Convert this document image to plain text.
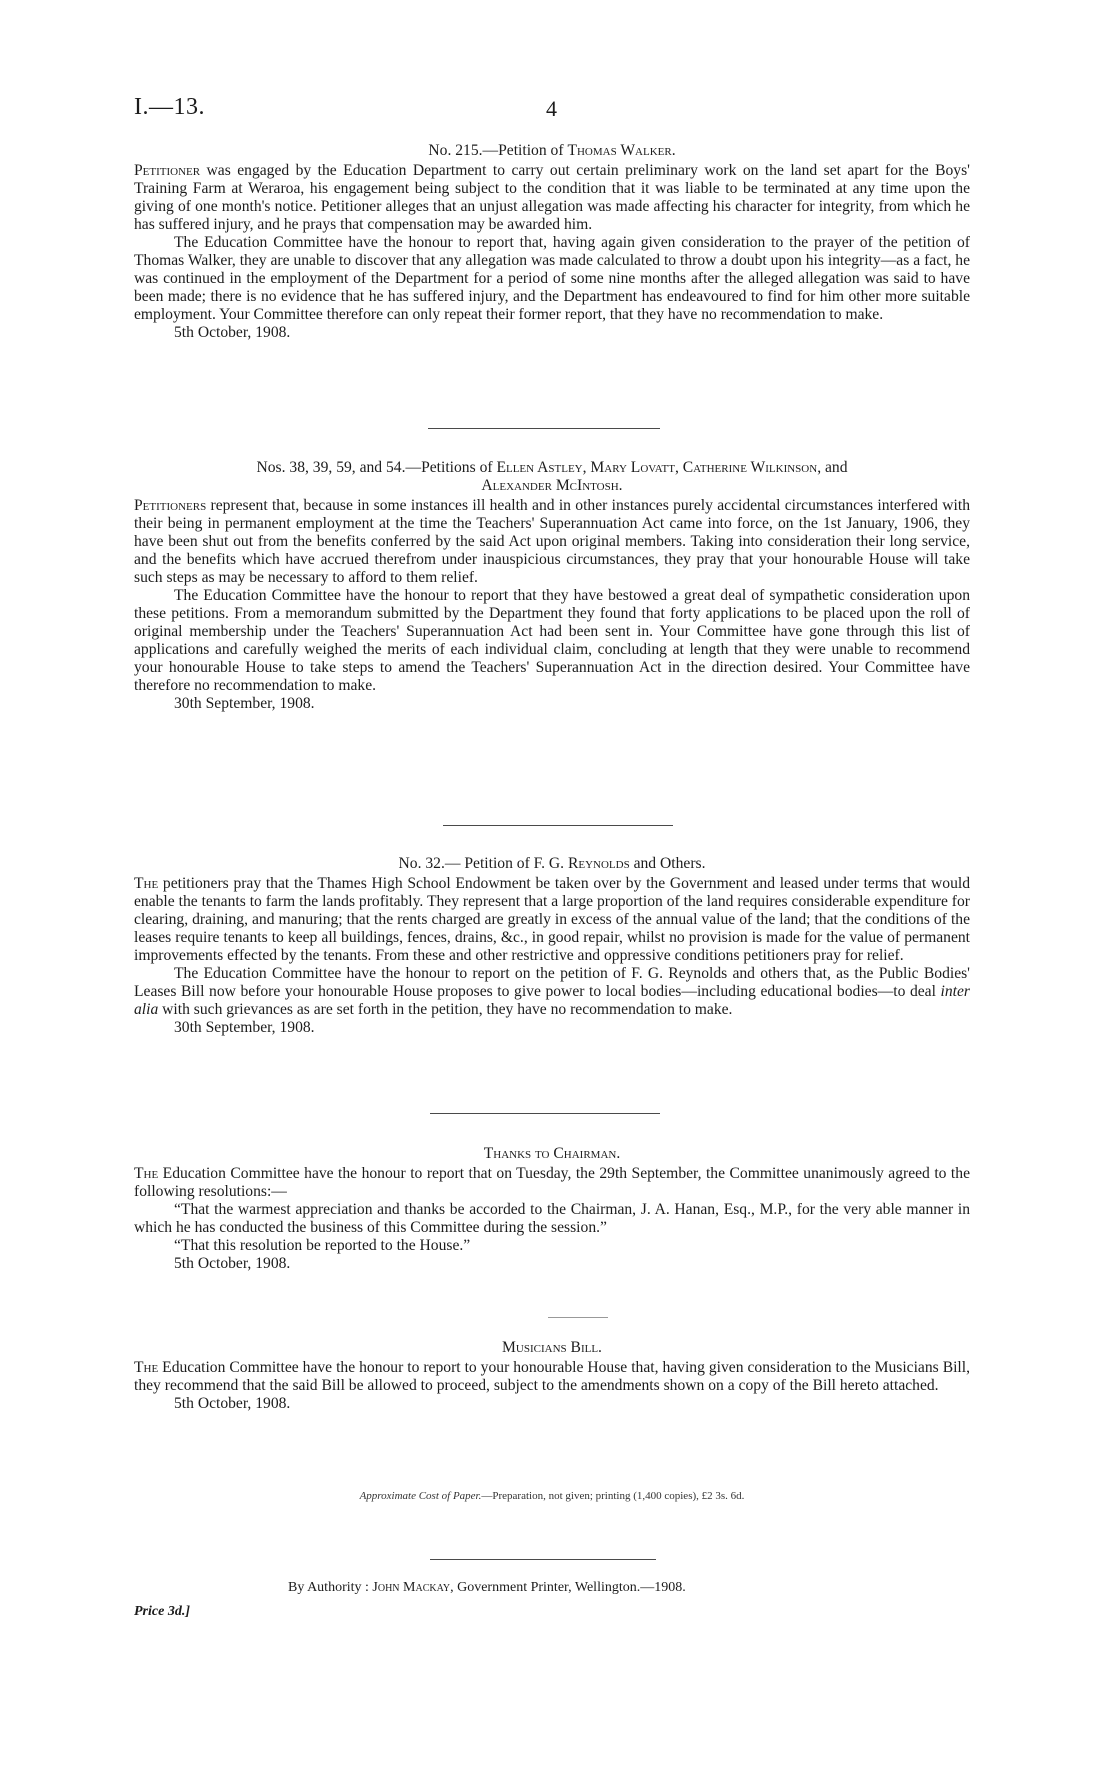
I.—13.	4

No. 215.—Petition of Thomas Walker.

Petitioner was engaged by the Education Department to carry out certain preliminary work on the land set apart for the Boys' Training Farm at Weraroa, his engagement being subject to the condition that it was liable to be terminated at any time upon the giving of one month's notice. Petitioner alleges that an unjust allegation was made affecting his character for integrity, from which he has suffered injury, and he prays that compensation may be awarded him.

The Education Committee have the honour to report that, having again given consideration to the prayer of the petition of Thomas Walker, they are unable to discover that any allegation was made calculated to throw a doubt upon his integrity—as a fact, he was continued in the employment of the Department for a period of some nine months after the alleged allegation was said to have been made; there is no evidence that he has suffered injury, and the Department has endeavoured to find for him other more suitable employment. Your Committee therefore can only repeat their former report, that they have no recommendation to make.

5th October, 1908.

Nos. 38, 39, 59, and 54.—Petitions of Ellen Astley, Mary Lovatt, Catherine Wilkinson, and
Alexander McIntosh.

Petitioners represent that, because in some instances ill health and in other instances purely accidental circumstances interfered with their being in permanent employment at the time the Teachers' Superannuation Act came into force, on the 1st January, 1906, they have been shut out from the benefits conferred by the said Act upon original members. Taking into consideration their long service, and the benefits which have accrued therefrom under inauspicious circumstances, they pray that your honourable House will take such steps as may be necessary to afford to them relief.

The Education Committee have the honour to report that they have bestowed a great deal of sympathetic consideration upon these petitions. From a memorandum submitted by the Department they found that forty applications to be placed upon the roll of original membership under the Teachers' Superannuation Act had been sent in. Your Committee have gone through this list of applications and carefully weighed the merits of each individual claim, concluding at length that they were unable to recommend your honourable House to take steps to amend the Teachers' Superannuation Act in the direction desired. Your Committee have therefore no recommendation to make.

30th September, 1908.

No. 32.— Petition of F. G. Reynolds and Others.

The petitioners pray that the Thames High School Endowment be taken over by the Government and leased under terms that would enable the tenants to farm the lands profitably. They represent that a large proportion of the land requires considerable expenditure for clearing, draining, and manuring; that the rents charged are greatly in excess of the annual value of the land; that the conditions of the leases require tenants to keep all buildings, fences, drains, &c., in good repair, whilst no provision is made for the value of permanent improvements effected by the tenants. From these and other restrictive and oppressive conditions petitioners pray for relief.

The Education Committee have the honour to report on the petition of F. G. Reynolds and others that, as the Public Bodies' Leases Bill now before your honourable House proposes to give power to local bodies—including educational bodies—to deal inter alia with such grievances as are set forth in the petition, they have no recommendation to make.

30th September, 1908.

Thanks to Chairman.

The Education Committee have the honour to report that on Tuesday, the 29th September, the Committee unanimously agreed to the following resolutions:—

“That the warmest appreciation and thanks be accorded to the Chairman, J. A. Hanan, Esq., M.P., for the very able manner in which he has conducted the business of this Committee during the session.”

“That this resolution be reported to the House.”

5th October, 1908.

Musicians Bill.

The Education Committee have the honour to report to your honourable House that, having given consideration to the Musicians Bill, they recommend that the said Bill be allowed to proceed, subject to the amendments shown on a copy of the Bill hereto attached.

5th October, 1908.

Approximate Cost of Paper.—Preparation, not given; printing (1,400 copies), £2 3s. 6d.
By Authority : John Mackay, Government Printer, Wellington.—1908.
Price 3d.]
